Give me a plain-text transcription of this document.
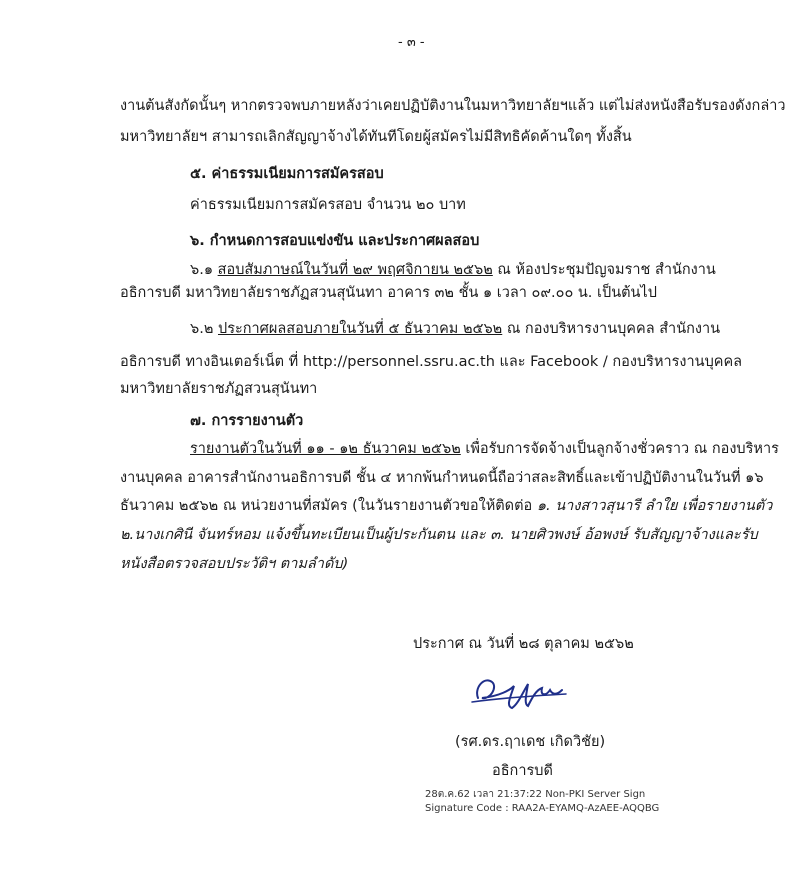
- ๓ -
งานต้นสังกัดนั้นๆ หากตรวจพบภายหลังว่าเคยปฏิบัติงานในมหาวิทยาลัยฯแล้ว แต่ไม่ส่งหนังสือรับรองดังกล่าว
มหาวิทยาลัยฯ สามารถเลิกสัญญาจ้างได้ทันทีโดยผู้สมัครไม่มีสิทธิคัดค้านใดๆ ทั้งสิ้น
๕. ค่าธรรมเนียมการสมัครสอบ
ค่าธรรมเนียมการสมัครสอบ จำนวน ๒๐ บาท
๖. กำหนดการสอบแข่งขัน และประกาศผลสอบ
๖.๑ สอบสัมภาษณ์ในวันที่ ๒๙ พฤศจิกายน ๒๕๖๒ ณ ห้องประชุมปัญจมราช สำนักงาน
อธิการบดี มหาวิทยาลัยราชภัฏสวนสุนันทา อาคาร ๓๒ ชั้น ๑ เวลา ๐๙.๐๐ น. เป็นต้นไป
๖.๒ ประกาศผลสอบภายในวันที่ ๕ ธันวาคม ๒๕๖๒ ณ กองบริหารงานบุคคล สำนักงาน
อธิการบดี ทางอินเตอร์เน็ต ที่ http://personnel.ssru.ac.th และ Facebook / กองบริหารงานบุคคล
มหาวิทยาลัยราชภัฏสวนสุนันทา
๗. การรายงานตัว
รายงานตัวในวันที่ ๑๑ - ๑๒ ธันวาคม ๒๕๖๒ เพื่อรับการจัดจ้างเป็นลูกจ้างชั่วคราว ณ กองบริหาร
งานบุคคล อาคารสำนักงานอธิการบดี ชั้น ๔ หากพ้นกำหนดนี้ถือว่าสละสิทธิ์และเข้าปฏิบัติงานในวันที่ ๑๖
ธันวาคม ๒๕๖๒ ณ หน่วยงานที่สมัคร (ในวันรายงานตัวขอให้ติดต่อ ๑. นางสาวสุนารี ลำใย เพื่อรายงานตัว
๒.นางเกศินี จันทร์หอม แจ้งขึ้นทะเบียนเป็นผู้ประกันตน และ ๓. นายศิวพงษ์ อ้อพงษ์ รับสัญญาจ้างและรับ
หนังสือตรวจสอบประวัติฯ ตามลำดับ)
ประกาศ ณ วันที่ ๒๘ ตุลาคม ๒๕๖๒
(รศ.ดร.ฤาเดช เกิดวิชัย)
อธิการบดี
28ต.ค.62 เวลา 21:37:22 Non-PKI Server Sign
Signature Code : RAA2A-EYAMQ-AzAEE-AQQBG
